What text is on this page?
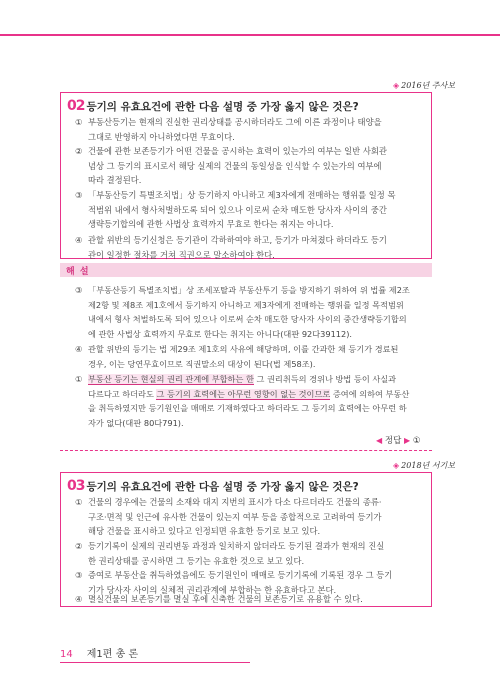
◈ 2016년 주사보
02 등기의 유효요건에 관한 다음 설명 중 가장 옳지 않은 것은?
① 부동산등기는 현재의 진실한 권리상태를 공시하더라도 그에 이른 과정이나 태양을
그대로 반영하지 아니하였다면 무효이다.
② 건물에 관한 보존등기가 어떤 건물을 공시하는 효력이 있는가의 여부는 일반 사회관
념상 그 등기의 표시로서 해당 실제의 건물의 동일성을 인식할 수 있는가의 여부에
따라 결정된다.
③ 「부동산등기 특별조치법」상 등기하지 아니하고 제3자에게 전매하는 행위를 일정 목
적범위 내에서 형사처벌하도록 되어 있으나 이로써 순차 매도한 당사자 사이의 중간
생략등기합의에 관한 사법상 효력까지 무효로 한다는 취지는 아니다.
④ 관할 위반의 등기신청은 등기관이 각하하여야 하고, 등기가 마쳐졌다 하더라도 등기
관이 일정한 절차를 거쳐 직권으로 말소하여야 한다.
해 설
③ 「부동산등기 특별조치법」상 조세포탈과 부동산투기 등을 방지하기 위하여 위 법률 제2조
제2항 및 제8조 제1호에서 등기하지 아니하고 제3자에게 전매하는 행위를 일정 목적범위
내에서 형사 처벌하도록 되어 있으나 이로써 순차 매도한 당사자 사이의 중간생략등기합의
에 관한 사법상 효력까지 무효로 한다는 취지는 아니다(대판 92다39112).
④ 관할 위반의 등기는 법 제29조 제1호의 사유에 해당하며, 이를 간과한 채 등기가 경료된
경우, 이는 당연무효이므로 직권말소의 대상이 된다(법 제58조).
① 부동산 등기는 현실의 권리 관계에 부합하는 한 그 권리취득의 경위나 방법 등이 사실과
다르다고 하더라도 그 등기의 효력에는 아무런 영향이 없는 것이므로 증여에 의하여 부동산
을 취득하였지만 등기원인을 매매로 기재하였다고 하더라도 그 등기의 효력에는 아무런 하
자가 없다(대판 80다791).
◀ 정답 ▶ ①
◈ 2018년 서기보
03 등기의 유효요건에 관한 다음 설명 중 가장 옳지 않은 것은?
① 건물의 경우에는 건물의 소재와 대지 지번의 표시가 다소 다르더라도 건물의 종류·
구조·면적 및 인근에 유사한 건물이 있는지 여부 등을 종합적으로 고려하여 등기가
해당 건물을 표시하고 있다고 인정되면 유효한 등기로 보고 있다.
② 등기기록이 실제의 권리변동 과정과 일치하지 않더라도 등기된 결과가 현재의 진실
한 권리상태를 공시하면 그 등기는 유효한 것으로 보고 있다.
③ 증여로 부동산을 취득하였음에도 등기원인이 매매로 등기기록에 기록된 경우 그 등기
기가 당사자 사이의 실체적 권리관계에 부합하는 한 유효하다고 본다.
④ 멸실건물의 보존등기를 멸실 후에 신축한 건물의 보존등기로 유용할 수 있다.
14 제1편 총 론
